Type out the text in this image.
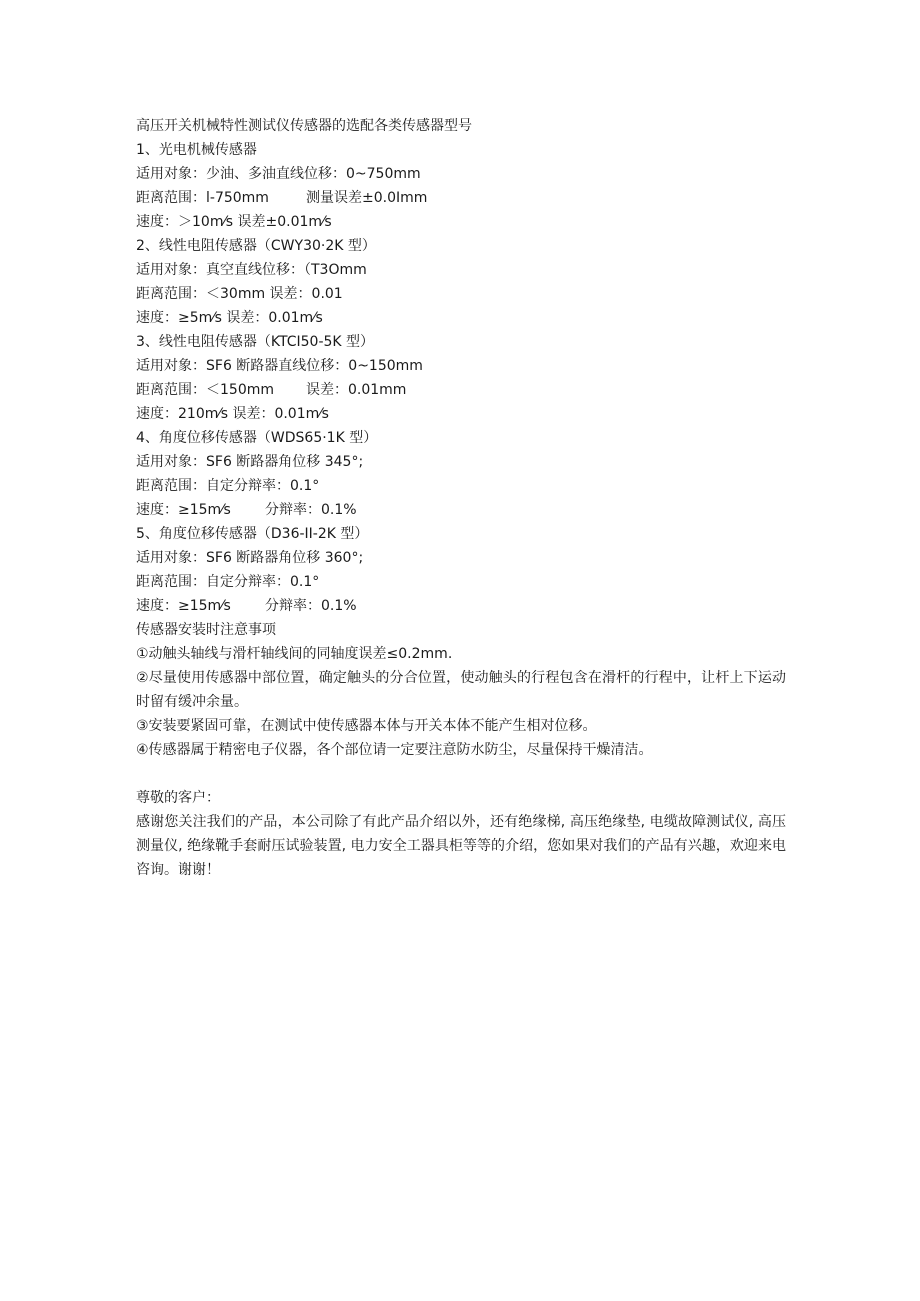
高压开关机械特性测试仪传感器的选配各类传感器型号
1、光电机械传感器
适用对象：少油、多油直线位移：0~750mm
距离范围：l-750mm	测量误差±0.0Imm
速度：＞10m⁄s 误差±0.01m⁄s
2、线性电阻传感器（CWY30·2K 型）
适用对象：真空直线位移：（T3Omm
距离范围：＜30mm 误差：0.01
速度：≥5m⁄s 误差：0.01m⁄s
3、线性电阻传感器（KTCI50-5K 型）
适用对象：SF6 断路器直线位移：0~150mm
距离范围：＜150mm	误差：0.01mm
速度：210m⁄s 误差：0.01m⁄s
4、角度位移传感器（WDS65·1K 型）
适用对象：SF6 断路器角位移 345°;
距离范围：自定分辩率：0.1°
速度：≥15m⁄s	分辩率：0.1%
5、角度位移传感器（D36-II-2K 型）
适用对象：SF6 断路器角位移 360°;
距离范围：自定分辩率：0.1°
速度：≥15m⁄s	分辩率：0.1%
传感器安装时注意事项
①动触头轴线与滑杆轴线间的同轴度误差≤0.2mm.
②尽量使用传感器中部位置，确定触头的分合位置，使动触头的行程包含在滑杆的行程中，让杆上下运动时留有缓冲余量。
③安装要紧固可靠，在测试中使传感器本体与开关本体不能产生相对位移。
④传感器属于精密电子仪器，各个部位请一定要注意防水防尘，尽量保持干燥清洁。
尊敬的客户：
感谢您关注我们的产品，本公司除了有此产品介绍以外，还有绝缘梯, 高压绝缘垫, 电缆故障测试仪, 高压测量仪, 绝缘靴手套耐压试验装置, 电力安全工器具柜等等的介绍，您如果对我们的产品有兴趣，欢迎来电咨询。谢谢！
